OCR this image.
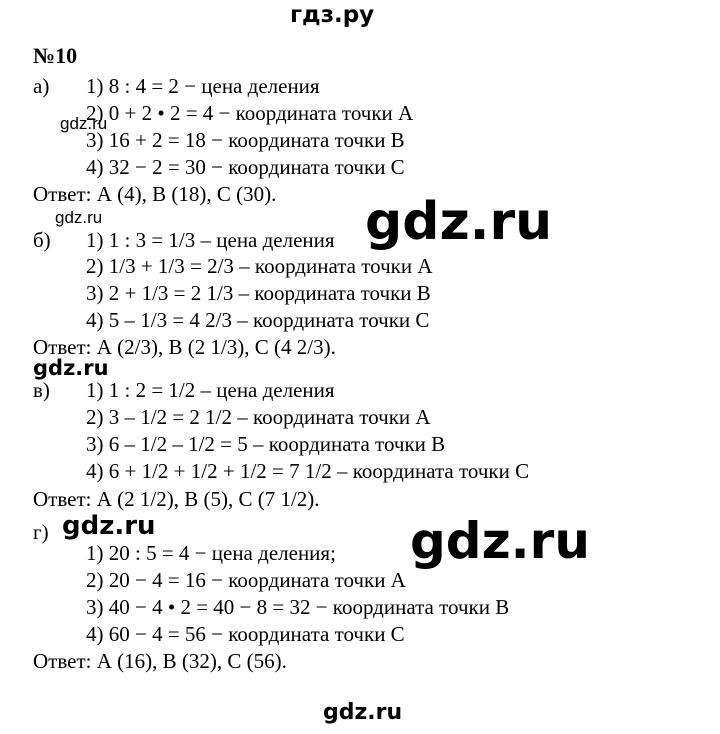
гдз.ру
№10
а) 1) 8 : 4 = 2 − цена деления
2) 0 + 2 • 2 = 4 − координата точки А
3) 16 + 2 = 18 − координата точки В
4) 32 − 2 = 30 − координата точки С
Ответ: А (4), В (18), С (30).
б) 1) 1 : 3 = 1/3 – цена деления
2) 1/3 + 1/3 = 2/3 – координата точки А
3) 2 + 1/3 = 2 1/3 – координата точки В
4) 5 – 1/3 = 4 2/3 – координата точки С
Ответ: А (2/3), В (2 1/3), С (4 2/3).
в) 1) 1 : 2 = 1/2 – цена деления
2) 3 – 1/2 = 2 1/2 – координата точки А
3) 6 – 1/2 – 1/2 = 5 – координата точки В
4) 6 + 1/2 + 1/2 + 1/2 = 7 1/2 – координата точки С
Ответ: А (2 1/2), В (5), С (7 1/2).
г)
1) 20 : 5 = 4 − цена деления;
2) 20 − 4 = 16 − координата точки А
3) 40 − 4 • 2 = 40 − 8 = 32 − координата точки В
4) 60 − 4 = 56 − координата точки С
Ответ: А (16), В (32), С (56).
gdz.ru
gdz.ru	gdz.ru
gdz.ru
gdz.ru	gdz.ru
gdz.ru
